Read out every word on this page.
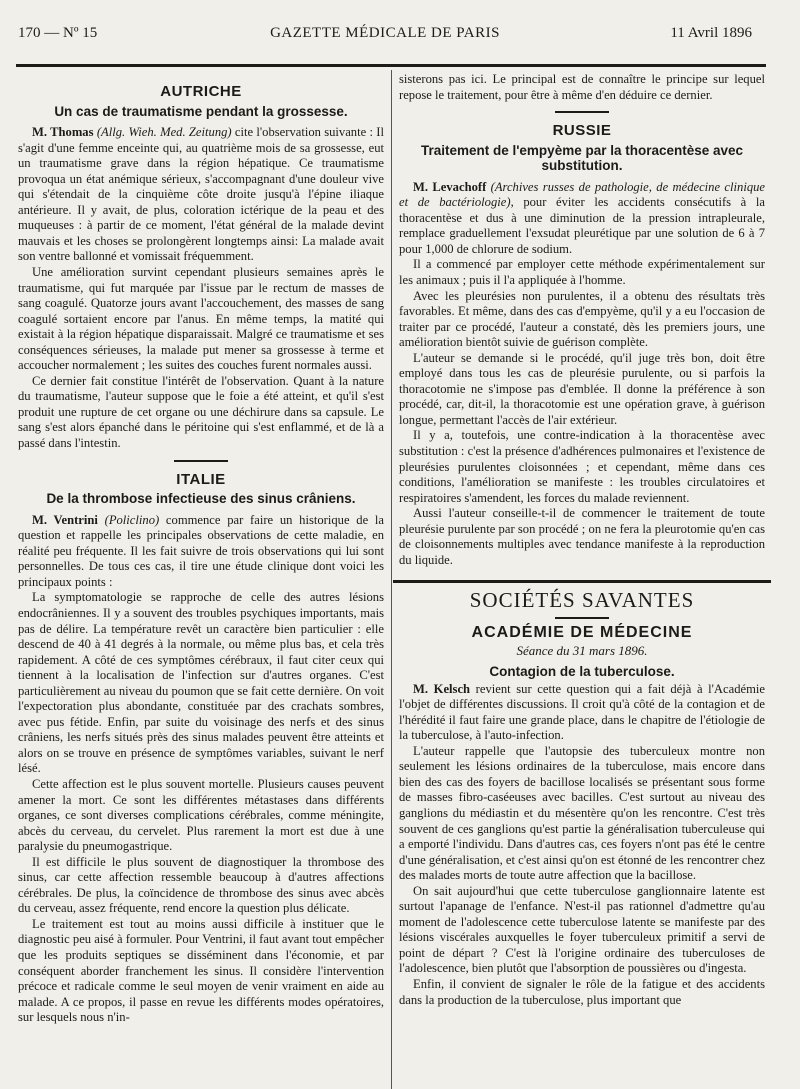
170 — Nº 15	GAZETTE MÉDICALE DE PARIS	11 Avril 1896
AUTRICHE
Un cas de traumatisme pendant la grossesse.

M. Thomas (Allg. Wieh. Med. Zeitung) cite l'observation suivante : Il s'agit d'une femme enceinte qui, au quatrième mois de sa grossesse, eut un traumatisme grave dans la région hépatique. Ce traumatisme provoqua un état anémique sérieux, s'accompagnant d'une douleur vive qui s'étendait de la cinquième côte droite jusqu'à l'épine iliaque antérieure. Il y avait, de plus, coloration ictérique de la peau et des muqueuses : à partir de ce moment, l'état général de la malade devint mauvais et les choses se prolongèrent longtemps ainsi: La malade avait son ventre ballonné et vomissait fréquemment.

Une amélioration survint cependant plusieurs semaines après le traumatisme, qui fut marquée par l'issue par le rectum de masses de sang coagulé. Quatorze jours avant l'accouchement, des masses de sang coagulé sortaient encore par l'anus. En même temps, la matité qui existait à la région hépatique disparaissait. Malgré ce traumatisme et ses conséquences sérieuses, la malade put mener sa grossesse à terme et accoucher normalement ; les suites des couches furent normales aussi.

Ce dernier fait constitue l'intérêt de l'observation. Quant à la nature du traumatisme, l'auteur suppose que le foie a été atteint, et qu'il s'est produit une rupture de cet organe ou une déchirure dans sa capsule. Le sang s'est alors épanché dans le péritoine qui s'est enflammé, et de là a passé dans l'intestin.

ITALIE
De la thrombose infectieuse des sinus crâniens.

M. Ventrini (Policlino) commence par faire un historique de la question et rappelle les principales observations de cette maladie, en réalité peu fréquente. Il les fait suivre de trois observations qui lui sont personnelles. De tous ces cas, il tire une étude clinique dont voici les principaux points :

La symptomatologie se rapproche de celle des autres lésions endocrâniennes. Il y a souvent des troubles psychiques importants, mais pas de délire. La température revêt un caractère bien particulier : elle descend de 40 à 41 degrés à la normale, ou même plus bas, et cela très rapidement. A côté de ces symptômes cérébraux, il faut citer ceux qui tiennent à la localisation de l'infection sur d'autres organes. C'est particulièrement au niveau du poumon que se fait cette dernière. On voit l'expectoration plus abondante, constituée par des crachats sombres, avec pus fétide. Enfin, par suite du voisinage des nerfs et des sinus crâniens, les nerfs situés près des sinus malades peuvent être atteints et alors on se trouve en présence de symptômes variables, suivant le nerf lésé.

Cette affection est le plus souvent mortelle. Plusieurs causes peuvent amener la mort. Ce sont les différentes métastases dans différents organes, ce sont diverses complications cérébrales, comme méningite, abcès du cerveau, du cervelet. Plus rarement la mort est due à une paralysie du pneumogastrique.

Il est difficile le plus souvent de diagnostiquer la thrombose des sinus, car cette affection ressemble beaucoup à d'autres affections cérébrales. De plus, la coïncidence de thrombose des sinus avec abcès du cerveau, assez fréquente, rend encore la question plus délicate.

Le traitement est tout au moins aussi difficile à instituer que le diagnostic peu aisé à formuler. Pour Ventrini, il faut avant tout empêcher que les produits septiques se disséminent dans l'économie, et par conséquent aborder franchement les sinus. Il considère l'intervention précoce et radicale comme le seul moyen de venir vraiment en aide au malade. A ce propos, il passe en revue les différents modes opératoires, sur lesquels nous n'in-

sisterons pas ici. Le principal est de connaître le principe sur lequel repose le traitement, pour être à même d'en déduire ce dernier.

RUSSIE
Traitement de l'empyème par la thoracentèse avec substitution.

M. Levachoff (Archives russes de pathologie, de médecine clinique et de bactériologie), pour éviter les accidents consécutifs à la thoracentèse et dus à une diminution de la pression intrapleurale, remplace graduellement l'exsudat pleurétique par une solution de 6 à 7 pour 1,000 de chlorure de sodium.

Il a commencé par employer cette méthode expérimentalement sur les animaux ; puis il l'a appliquée à l'homme.

Avec les pleurésies non purulentes, il a obtenu des résultats très favorables. Et même, dans des cas d'empyème, qu'il y a eu l'occasion de traiter par ce procédé, l'auteur a constaté, dès les premiers jours, une amélioration bientôt suivie de guérison complète.

L'auteur se demande si le procédé, qu'il juge très bon, doit être employé dans tous les cas de pleurésie purulente, ou si parfois la thoracotomie ne s'impose pas d'emblée. Il donne la préférence à son procédé, car, dit-il, la thoracotomie est une opération grave, à guérison longue, permettant l'accès de l'air extérieur.

Il y a, toutefois, une contre-indication à la thoracentèse avec substitution : c'est la présence d'adhérences pulmonaires et l'existence de pleurésies purulentes cloisonnées ; et cependant, même dans ces conditions, l'amélioration se manifeste : les troubles circulatoires et respiratoires s'amendent, les forces du malade reviennent.

Aussi l'auteur conseille-t-il de commencer le traitement de toute pleurésie purulente par son procédé ; on ne fera la pleurotomie qu'en cas de cloisonnements multiples avec tendance manifeste à la reproduction du liquide.

SOCIÉTÉS SAVANTES
ACADÉMIE DE MÉDECINE
Séance du 31 mars 1896.
Contagion de la tuberculose.

M. Kelsch revient sur cette question qui a fait déjà à l'Académie l'objet de différentes discussions. Il croit qu'à côté de la contagion et de l'hérédité il faut faire une grande place, dans le chapitre de l'étiologie de la tuberculose, à l'auto-infection.

L'auteur rappelle que l'autopsie des tuberculeux montre non seulement les lésions ordinaires de la tuberculose, mais encore dans bien des cas des foyers de bacillose localisés se présentant sous forme de masses fibro-caséeuses avec bacilles. C'est surtout au niveau des ganglions du médiastin et du mésentère qu'on les rencontre. C'est très souvent de ces ganglions qu'est partie la généralisation tuberculeuse qui a emporté l'individu. Dans d'autres cas, ces foyers n'ont pas été le centre d'une généralisation, et c'est ainsi qu'on est étonné de les rencontrer chez des malades morts de toute autre affection que la bacillose.

On sait aujourd'hui que cette tuberculose ganglionnaire latente est surtout l'apanage de l'enfance. N'est-il pas rationnel d'admettre qu'au moment de l'adolescence cette tuberculose latente se manifeste par des lésions viscérales auxquelles le foyer tuberculeux primitif a servi de point de départ ? C'est là l'origine ordinaire des tuberculoses de l'adolescence, bien plutôt que l'absorption de poussières ou d'ingesta.

Enfin, il convient de signaler le rôle de la fatigue et des accidents dans la production de la tuberculose, plus important que
